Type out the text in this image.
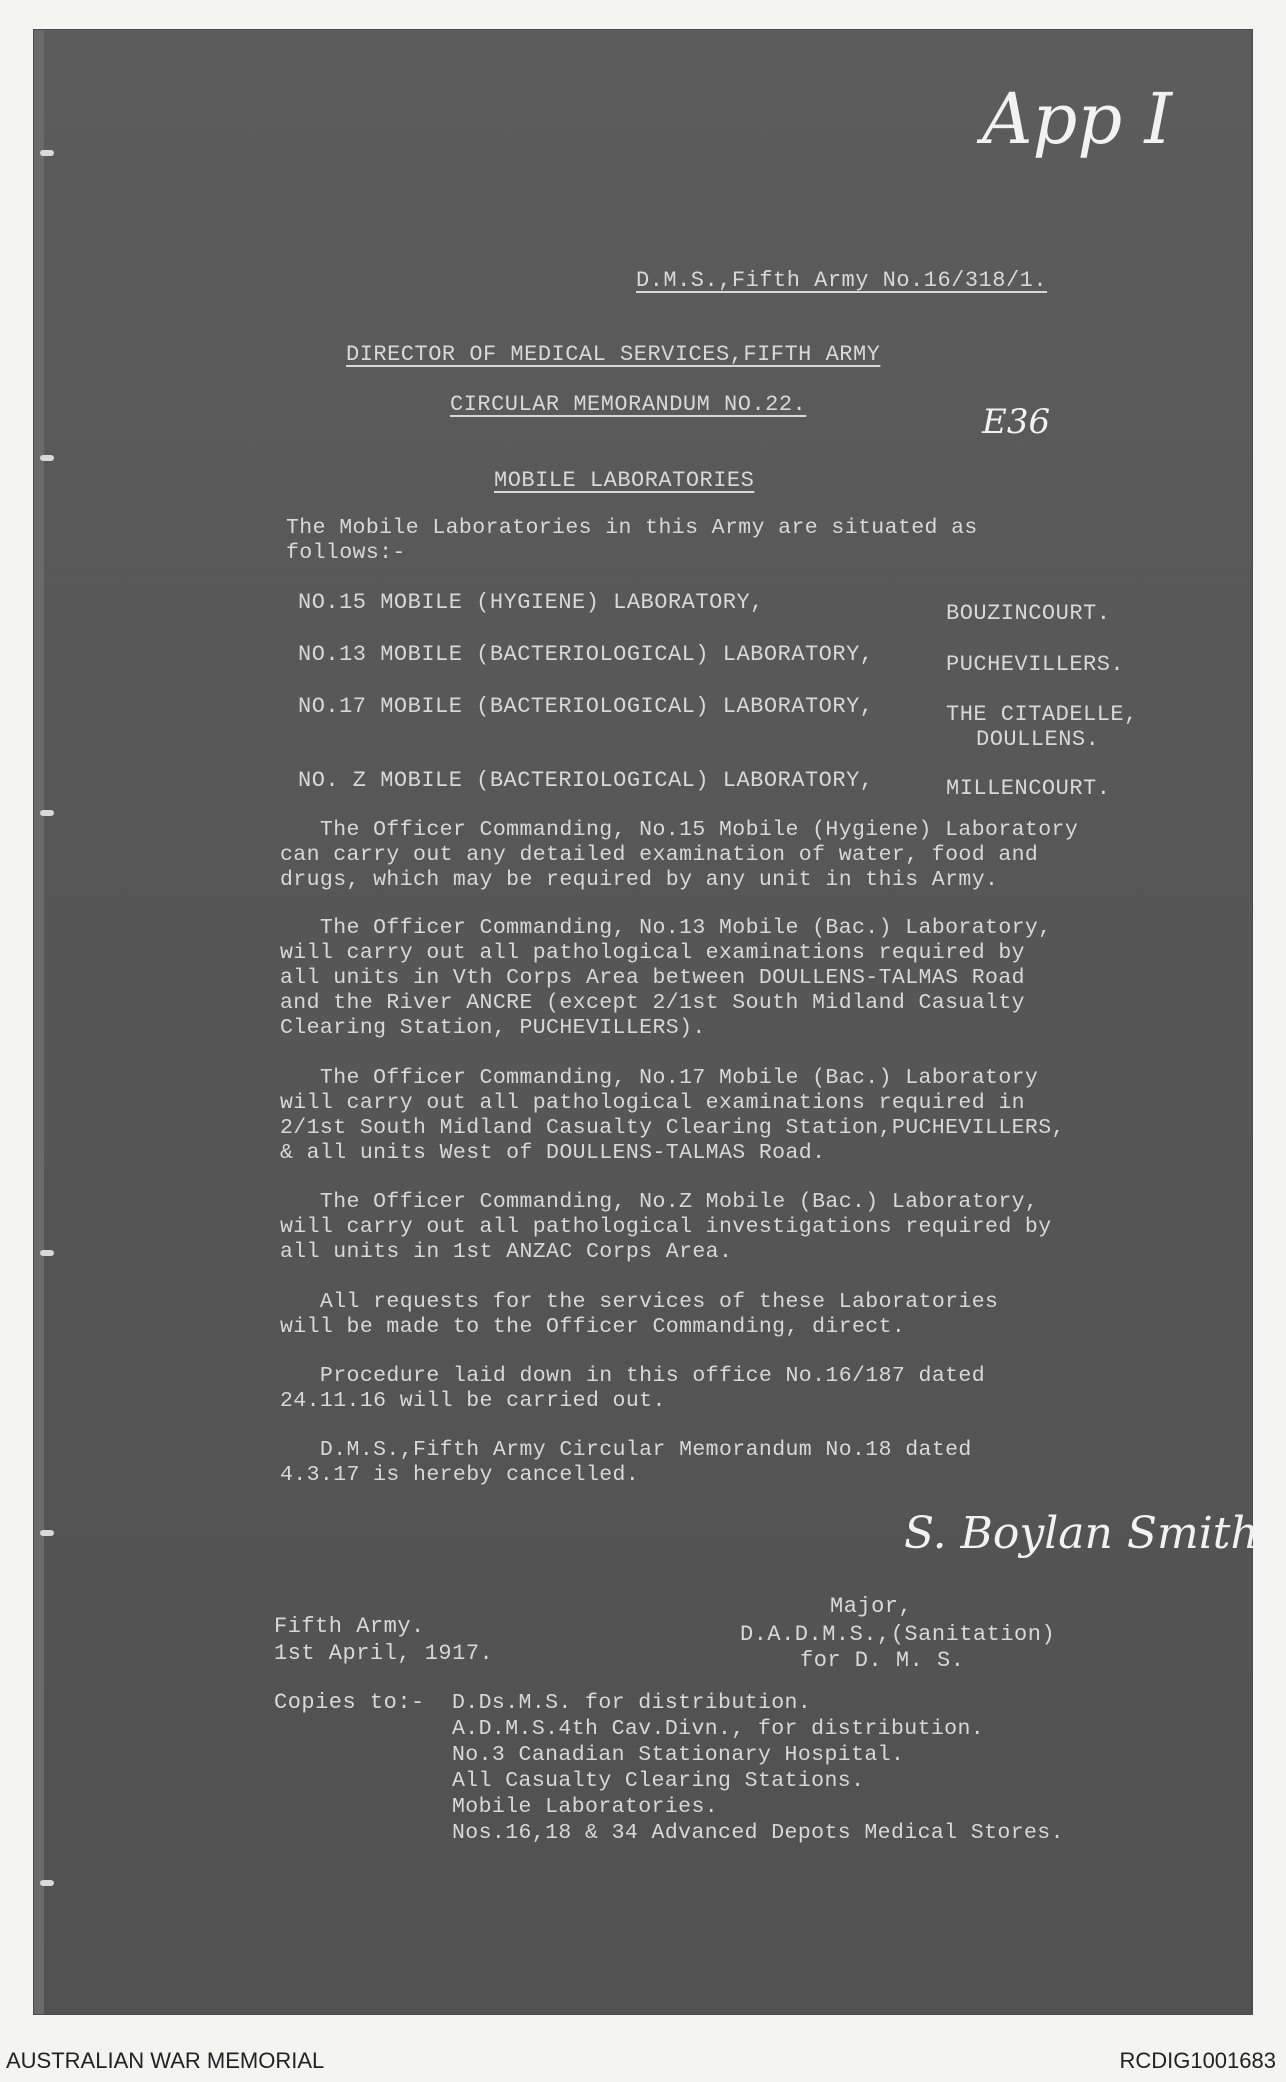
App I
E36
D.M.S.,Fifth Army No.16/318/1.
DIRECTOR OF MEDICAL SERVICES,FIFTH ARMY
CIRCULAR MEMORANDUM NO.22.
MOBILE LABORATORIES
The Mobile Laboratories in this Army are situated as
follows:-
NO.15 MOBILE (HYGIENE) LABORATORY,	BOUZINCOURT.
NO.13 MOBILE (BACTERIOLOGICAL) LABORATORY,	PUCHEVILLERS.
NO.17 MOBILE (BACTERIOLOGICAL) LABORATORY,	THE CITADELLE,
DOULLENS.
NO. Z MOBILE (BACTERIOLOGICAL) LABORATORY,	MILLENCOURT.
The Officer Commanding, No.15 Mobile (Hygiene) Laboratory
can carry out any detailed examination of water, food and
drugs, which may be required by any unit in this Army.
The Officer Commanding, No.13 Mobile (Bac.) Laboratory,
will carry out all pathological examinations required by
all units in Vth Corps Area between DOULLENS-TALMAS Road
and the River ANCRE (except 2/1st South Midland Casualty
Clearing Station, PUCHEVILLERS).
The Officer Commanding, No.17 Mobile (Bac.) Laboratory
will carry out all pathological examinations required in
2/1st South Midland Casualty Clearing Station,PUCHEVILLERS,
& all units West of DOULLENS-TALMAS Road.
The Officer Commanding, No.Z Mobile (Bac.) Laboratory,
will carry out all pathological investigations required by
all units in 1st ANZAC Corps Area.
All requests for the services of these Laboratories
will be made to the Officer Commanding, direct.
Procedure laid down in this office No.16/187 dated
24.11.16 will be carried out.
D.M.S.,Fifth Army Circular Memorandum No.18 dated
4.3.17 is hereby cancelled.
S. Boylan Smith
Major,
D.A.D.M.S.,(Sanitation)
for D. M. S.
Fifth Army.
1st April, 1917.
Copies to:- D.Ds.M.S. for distribution.
A.D.M.S.4th Cav.Divn., for distribution.
No.3 Canadian Stationary Hospital.
All Casualty Clearing Stations.
Mobile Laboratories.
Nos.16,18 & 34 Advanced Depots Medical Stores.
AUSTRALIAN WAR MEMORIAL	RCDIG1001683
